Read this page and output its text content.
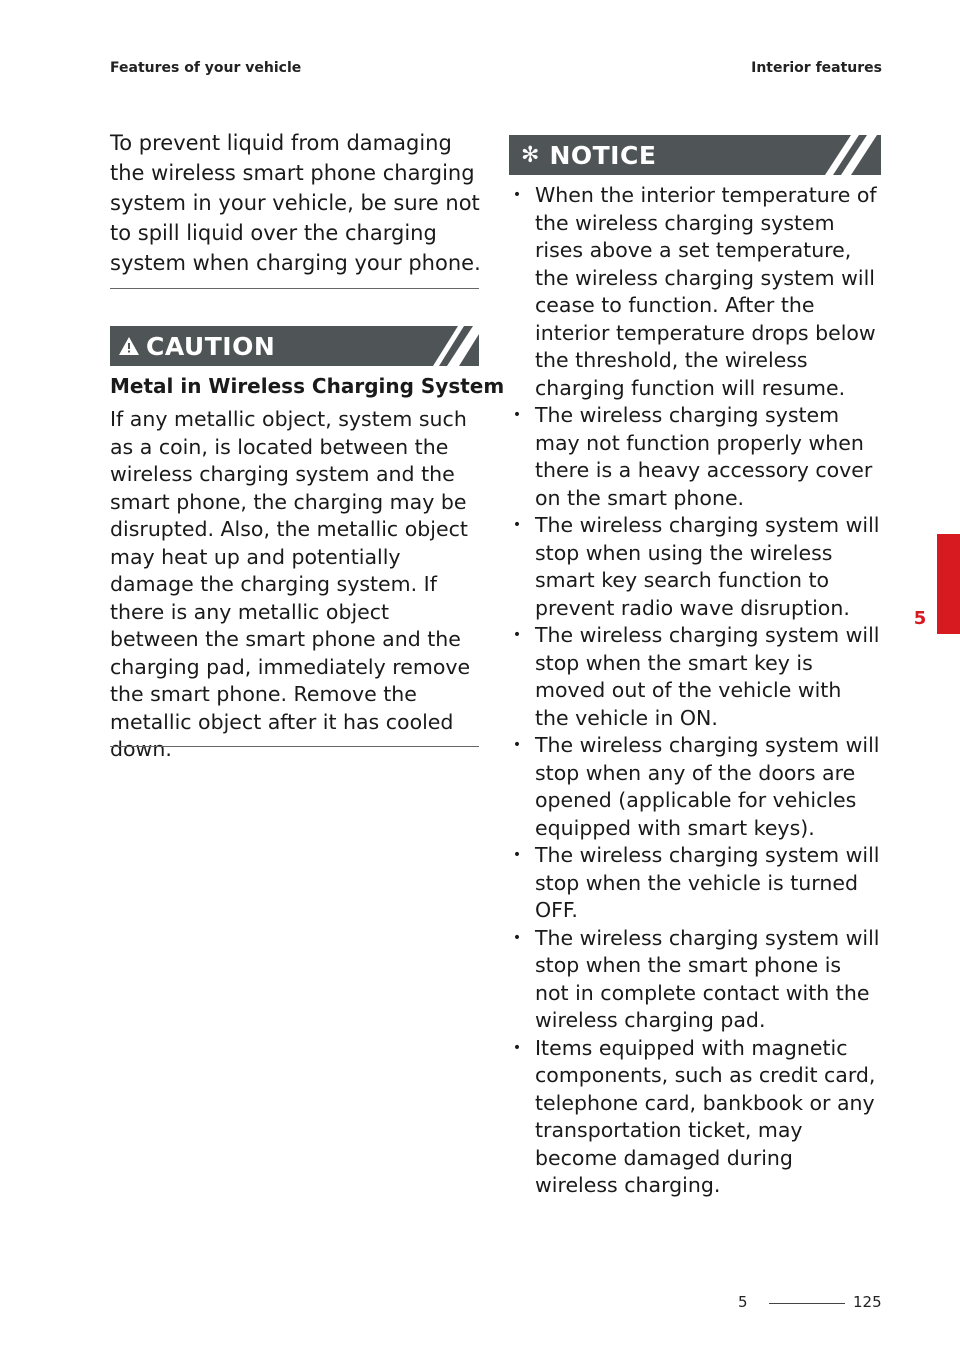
Features of your vehicle	Interior features

To prevent liquid from damaging the wireless smart phone charging system in your vehicle, be sure not to spill liquid over the charging system when charging your phone.

CAUTION
Metal in Wireless Charging System

If any metallic object, system such as a coin, is located between the wireless charging system and the smart phone, the charging may be disrupted. Also, the metallic object may heat up and potentially damage the charging system. If there is any metallic object between the smart phone and the charging pad, immediately remove the smart phone. Remove the metallic object after it has cooled down.

✻ NOTICE
• When the interior temperature of the wireless charging system rises above a set temperature, the wireless charging system will cease to function. After the interior temperature drops below the threshold, the wireless charging function will resume.
• The wireless charging system may not function properly when there is a heavy accessory cover on the smart phone.
• The wireless charging system will stop when using the wireless smart key search function to prevent radio wave disruption.
• The wireless charging system will stop when the smart key is moved out of the vehicle with the vehicle in ON.
• The wireless charging system will stop when any of the doors are opened (applicable for vehicles equipped with smart keys).
• The wireless charging system will stop when the vehicle is turned OFF.
• The wireless charging system will stop when the smart phone is not in complete contact with the wireless charging pad.
• Items equipped with magnetic components, such as credit card, telephone card, bankbook or any transportation ticket, may become damaged during wireless charging.
5
5	125
